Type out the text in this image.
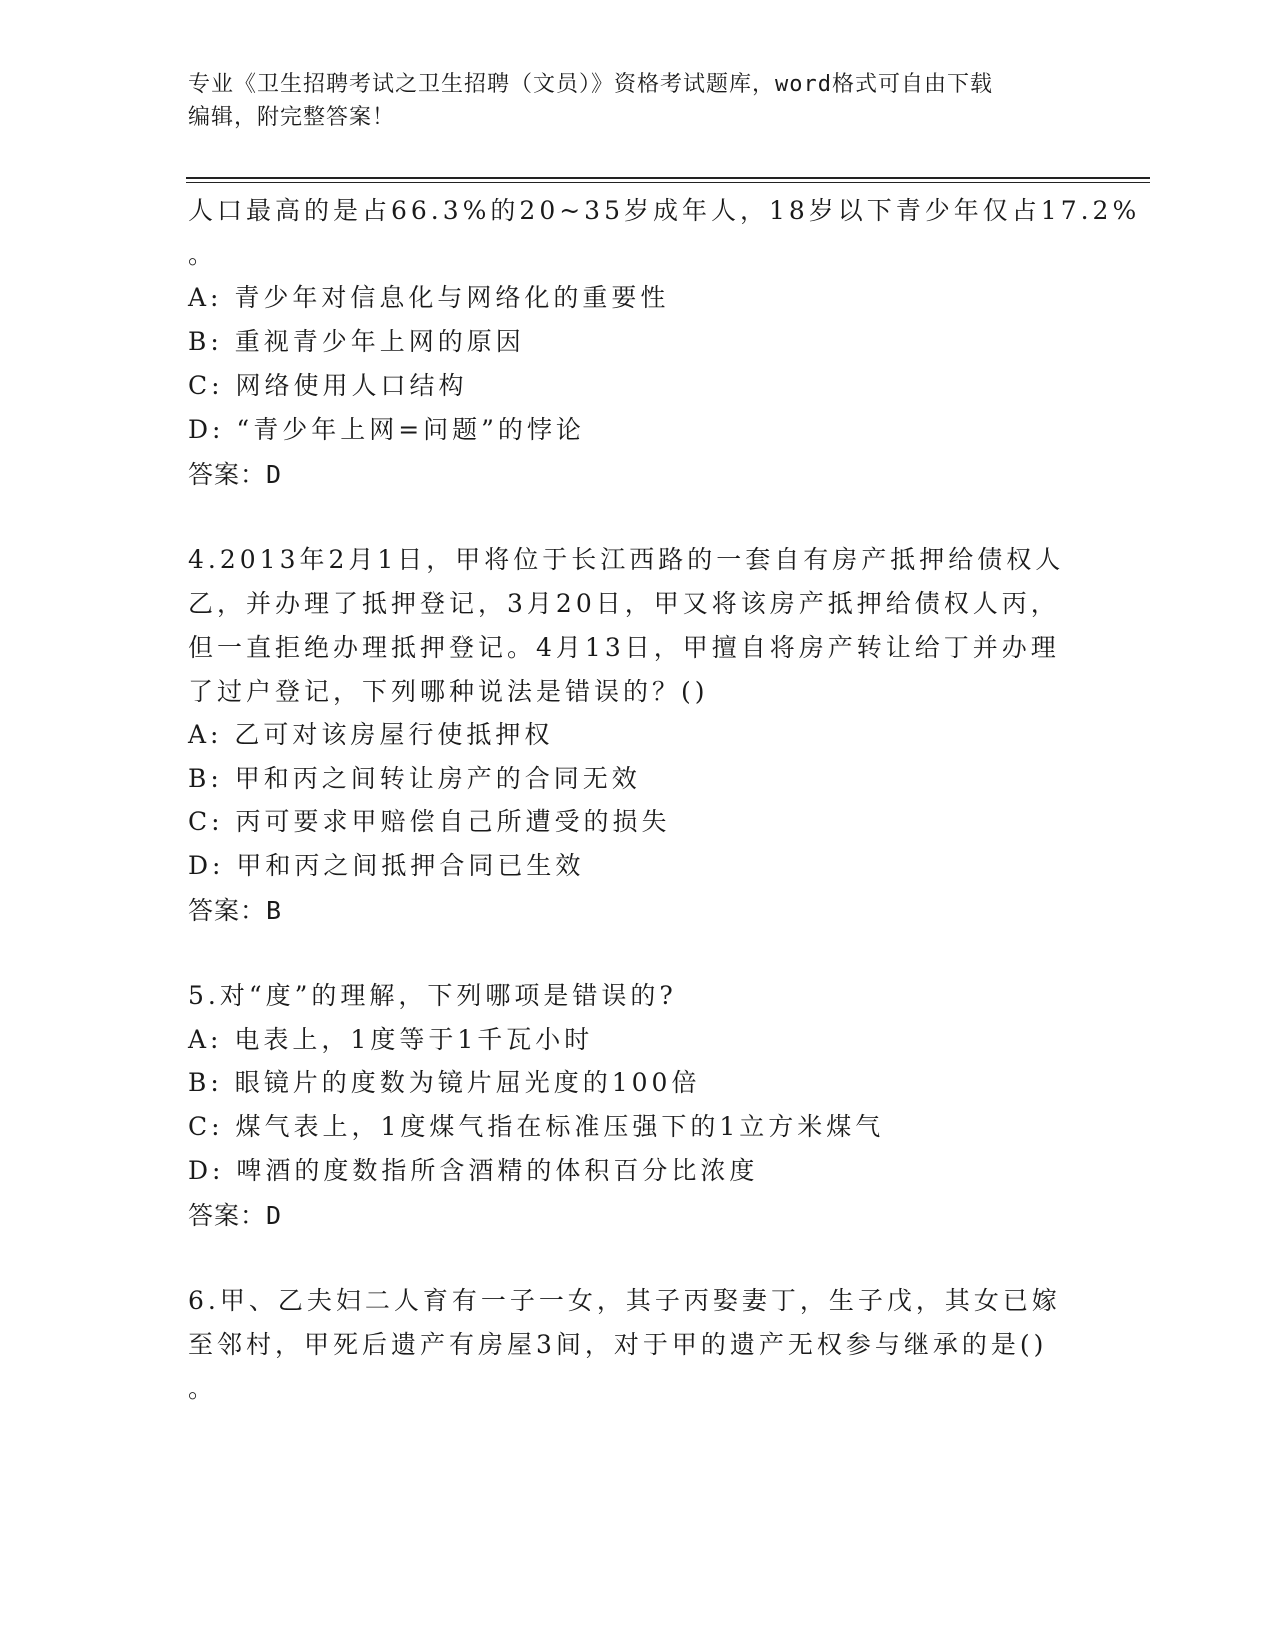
专业《卫生招聘考试之卫生招聘（文员）》资格考试题库，word格式可自由下载
编辑，附完整答案！
人口最高的是占66.3%的20~35岁成年人，18岁以下青少年仅占17.2%
。
A: 青少年对信息化与网络化的重要性
B: 重视青少年上网的原因
C: 网络使用人口结构
D: “青少年上网=问题”的悖论
答案：D
4.2013年2月1日，甲将位于长江西路的一套自有房产抵押给债权人
乙，并办理了抵押登记，3月20日，甲又将该房产抵押给债权人丙，
但一直拒绝办理抵押登记。4月13日，甲擅自将房产转让给丁并办理
了过户登记，下列哪种说法是错误的？()
A: 乙可对该房屋行使抵押权
B: 甲和丙之间转让房产的合同无效
C: 丙可要求甲赔偿自己所遭受的损失
D: 甲和丙之间抵押合同已生效
答案：B
5.对“度”的理解，下列哪项是错误的?
A: 电表上，1度等于1千瓦小时
B: 眼镜片的度数为镜片屈光度的100倍
C: 煤气表上，1度煤气指在标准压强下的1立方米煤气
D: 啤酒的度数指所含酒精的体积百分比浓度
答案：D
6.甲、乙夫妇二人育有一子一女，其子丙娶妻丁，生子戊，其女已嫁
至邻村，甲死后遗产有房屋3间，对于甲的遗产无权参与继承的是()
。
